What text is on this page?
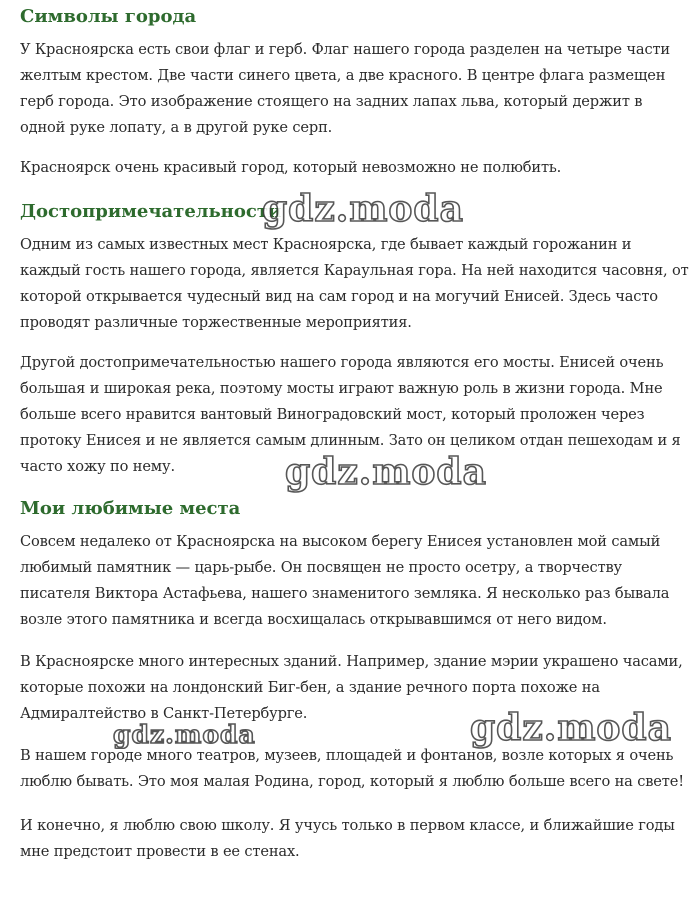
Символы города

У Красноярска есть свои флаг и герб. Флаг нашего города разделен на четыре части желтым крестом. Две части синего цвета, а две красного. В центре флага размещен герб города. Это изображение стоящего на задних лапах льва, который держит в одной руке лопату, а в другой руке серп.

Красноярск очень красивый город, который невозможно не полюбить.

Достопримечательности

Одним из самых известных мест Красноярска, где бывает каждый горожанин и каждый гость нашего города, является Караульная гора. На ней находится часовня, от которой открывается чудесный вид на сам город и на могучий Енисей. Здесь часто проводят различные торжественные мероприятия.

Другой достопримечательностью нашего города являются его мосты. Енисей очень большая и широкая река, поэтому мосты играют важную роль в жизни города. Мне больше всего нравится вантовый Виноградовский мост, который проложен через протоку Енисея и не является самым длинным. Зато он целиком отдан пешеходам и я часто хожу по нему.

Мои любимые места

Совсем недалеко от Красноярска на высоком берегу Енисея установлен мой самый любимый памятник — царь-рыбе. Он посвящен не просто осетру, а творчеству писателя Виктора Астафьева, нашего знаменитого земляка. Я несколько раз бывала возле этого памятника и всегда восхищалась открывавшимся от него видом.

В Красноярске много интересных зданий. Например, здание мэрии украшено часами, которые похожи на лондонский Биг-бен, а здание речного порта похоже на Адмиралтейство в Санкт-Петербурге.

В нашем городе много театров, музеев, площадей и фонтанов, возле которых я очень люблю бывать. Это моя малая Родина, город, который я люблю больше всего на свете!

И конечно, я люблю свою школу. Я учусь только в первом классе, и ближайшие годы мне предстоит провести в ее стенах.

gdz.moda
gdz.moda
gdz.moda
gdz.moda
